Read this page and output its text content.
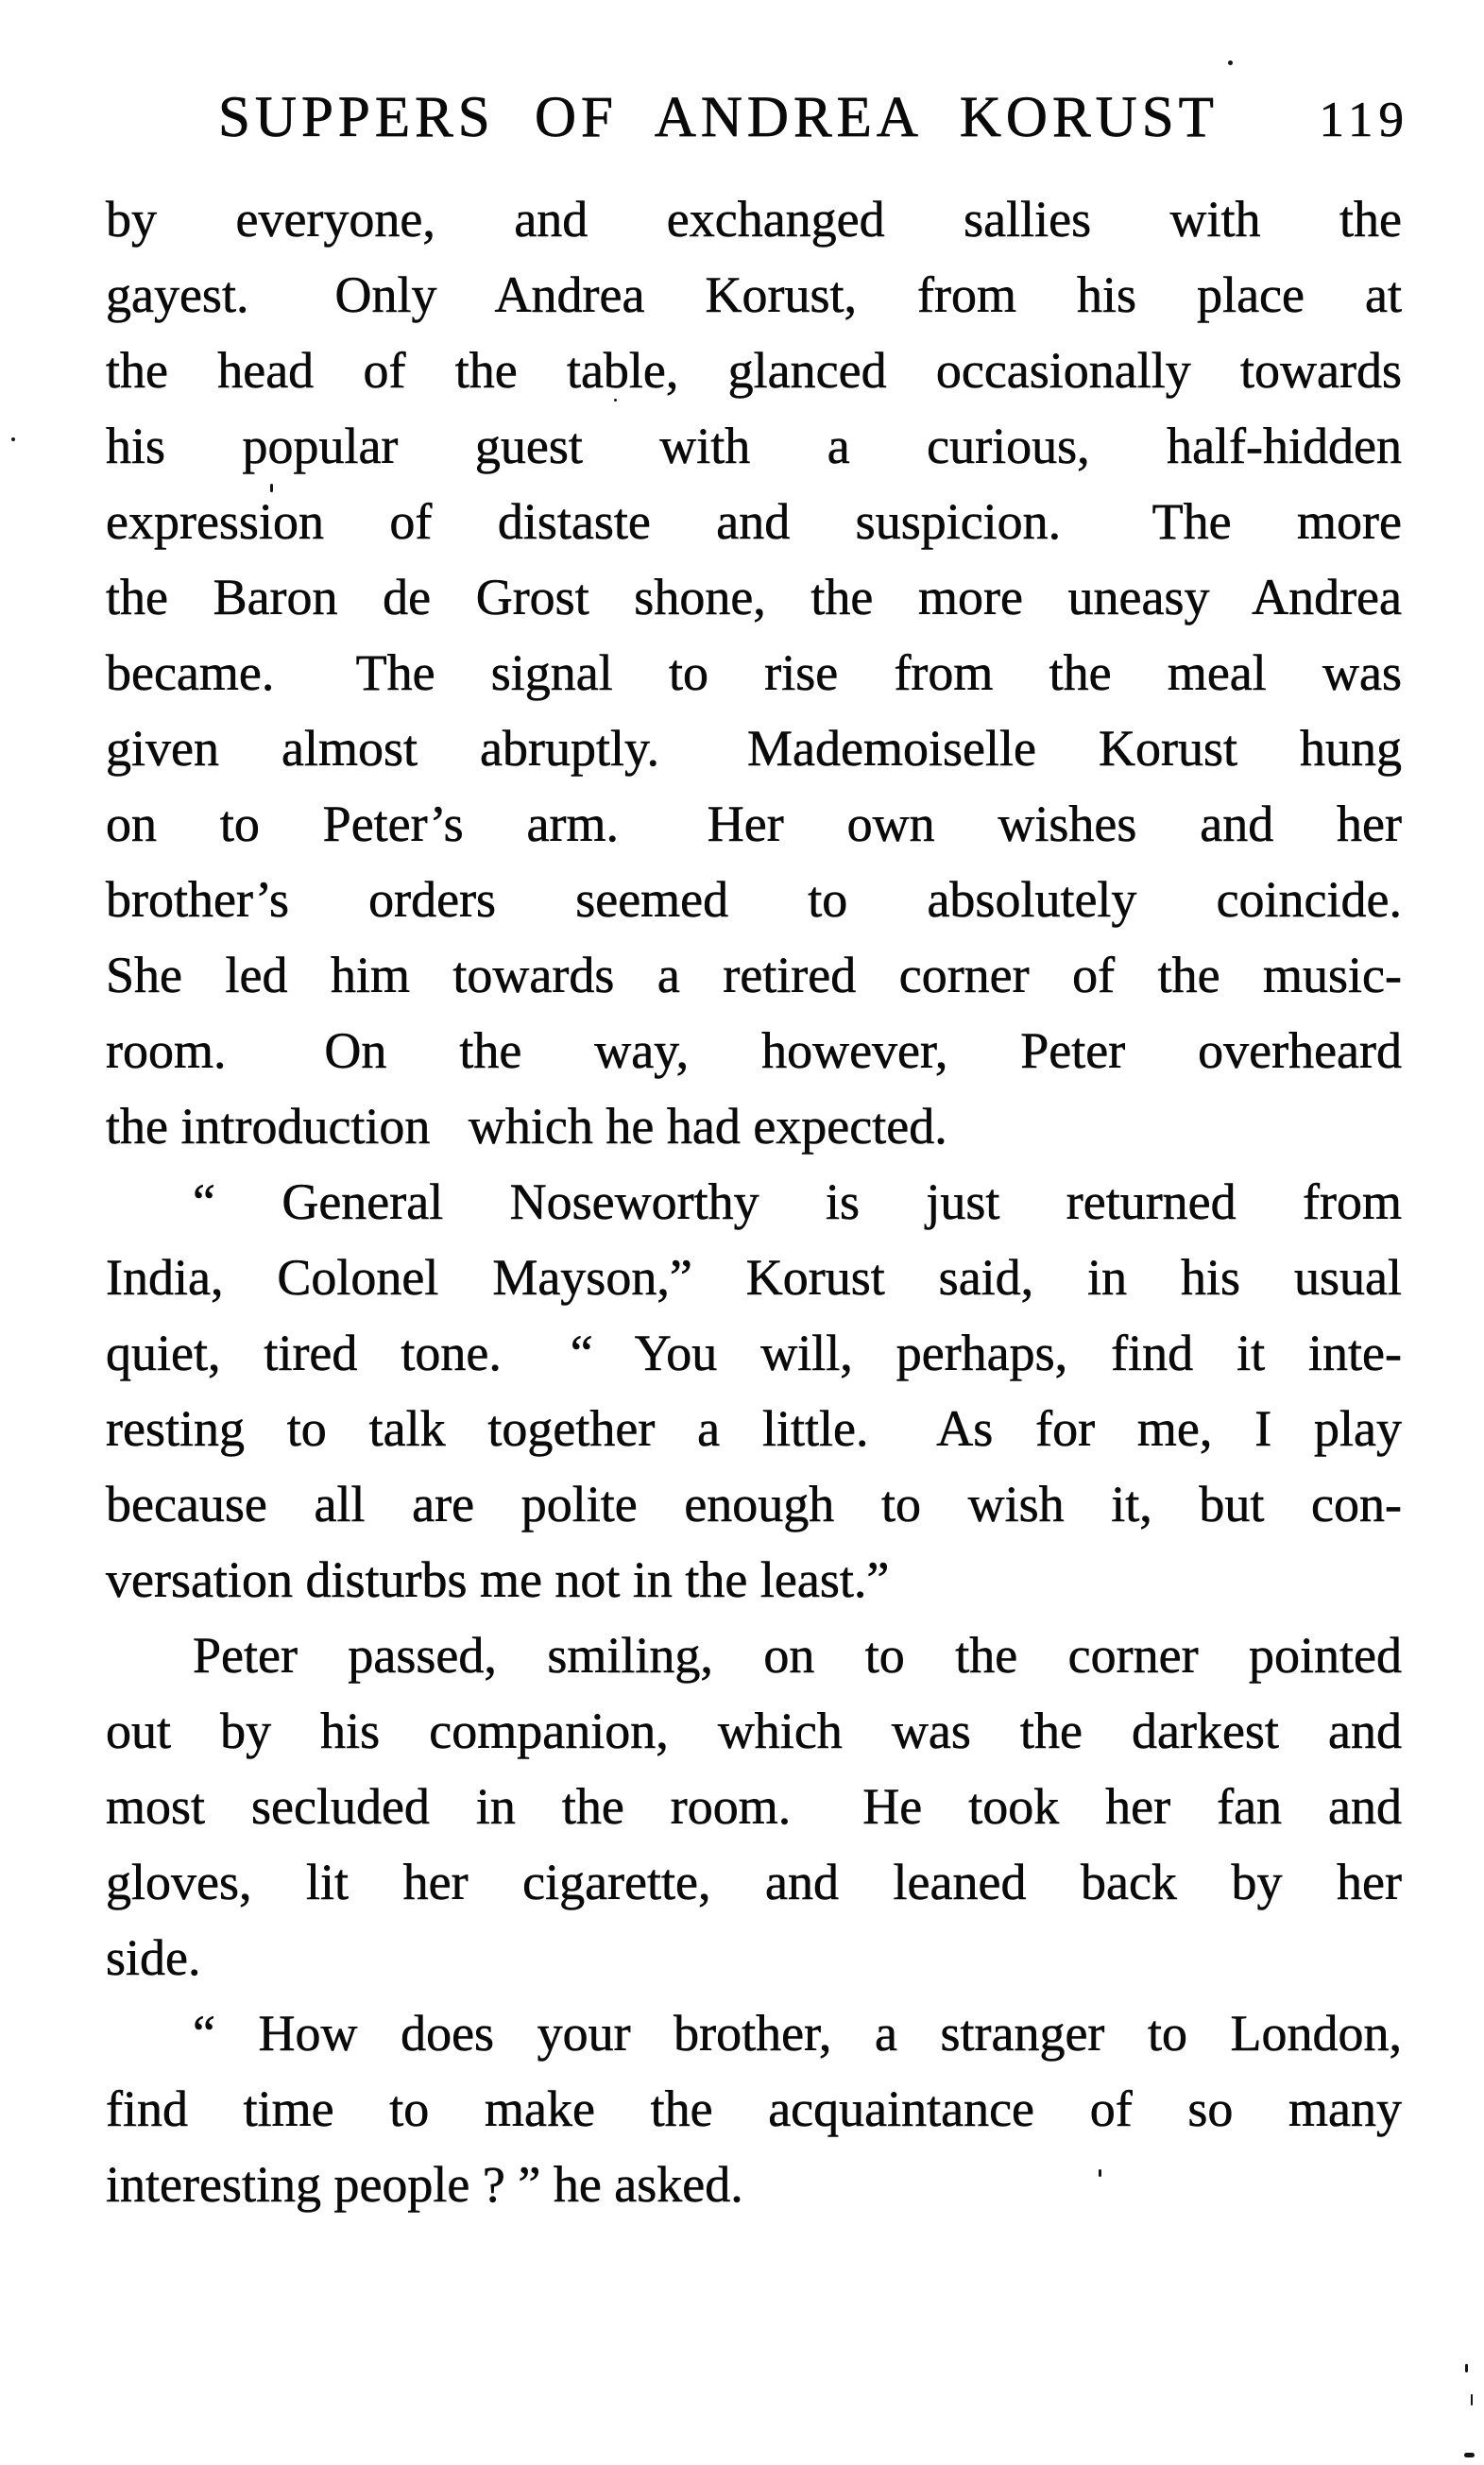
SUPPERS OF ANDREA KORUST 119
by everyone, and exchanged sallies with the
gayest.  Only Andrea Korust, from his place at
the head of the table, glanced occasionally towards
his popular guest with a curious, half-hidden
expression of distaste and suspicion.  The more
the Baron de Grost shone, the more uneasy Andrea
became.  The signal to rise from the meal was
given almost abruptly.  Mademoiselle Korust hung
on to Peter’s arm.  Her own wishes and her
brother’s orders seemed to absolutely coincide.
She led him towards a retired corner of the music-
room.  On the way, however, Peter overheard
the introduction  which he had expected.
“ General Noseworthy is just returned from
India, Colonel Mayson,” Korust said, in his usual
quiet, tired tone.  “ You will, perhaps, find it inte-
resting to talk together a little.  As for me, I play
because all are polite enough to wish it, but con-
versation disturbs me not in the least.”
Peter passed, smiling, on to the corner pointed
out by his companion, which was the darkest and
most secluded in the room.  He took her fan and
gloves, lit her cigarette, and leaned back by her
side.
“ How does your brother, a stranger to London,
find time to make the acquaintance of so many
interesting people ? ” he asked.
